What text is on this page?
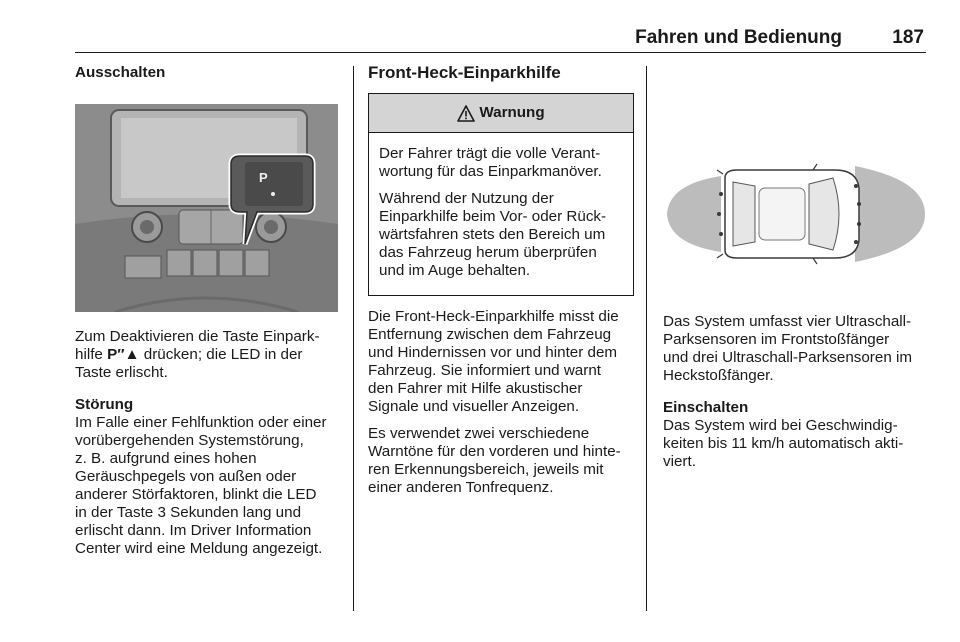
Fahren und Bedienung	187
Ausschalten
P

Zum Deaktivieren die Taste Einpark-
hilfe P″▲ drücken; die LED in der
Taste erlischt.

Störung

Im Falle einer Fehlfunktion oder einer
vorübergehenden Systemstörung,
z. B. aufgrund eines hohen
Geräuschpegels von außen oder
anderer Störfaktoren, blinkt die LED
in der Taste 3 Sekunden lang und
erlischt dann. Im Driver Information
Center wird eine Meldung angezeigt.

Front-Heck-Einparkhilfe
Warnung

Der Fahrer trägt die volle Verant-
wortung für das Einparkmanöver.

Während der Nutzung der
Einparkhilfe beim Vor- oder Rück-
wärtsfahren stets den Bereich um
das Fahrzeug herum überprüfen
und im Auge behalten.

Die Front-Heck-Einparkhilfe misst die
Entfernung zwischen dem Fahrzeug
und Hindernissen vor und hinter dem
Fahrzeug. Sie informiert und warnt
den Fahrer mit Hilfe akustischer
Signale und visueller Anzeigen.

Es verwendet zwei verschiedene
Warntöne für den vorderen und hinte-
ren Erkennungsbereich, jeweils mit
einer anderen Tonfrequenz.

Das System umfasst vier Ultraschall-
Parksensoren im Frontstoßfänger
und drei Ultraschall-Parksensoren im
Heckstoßfänger.

Einschalten

Das System wird bei Geschwindig-
keiten bis 11 km/h automatisch akti-
viert.
